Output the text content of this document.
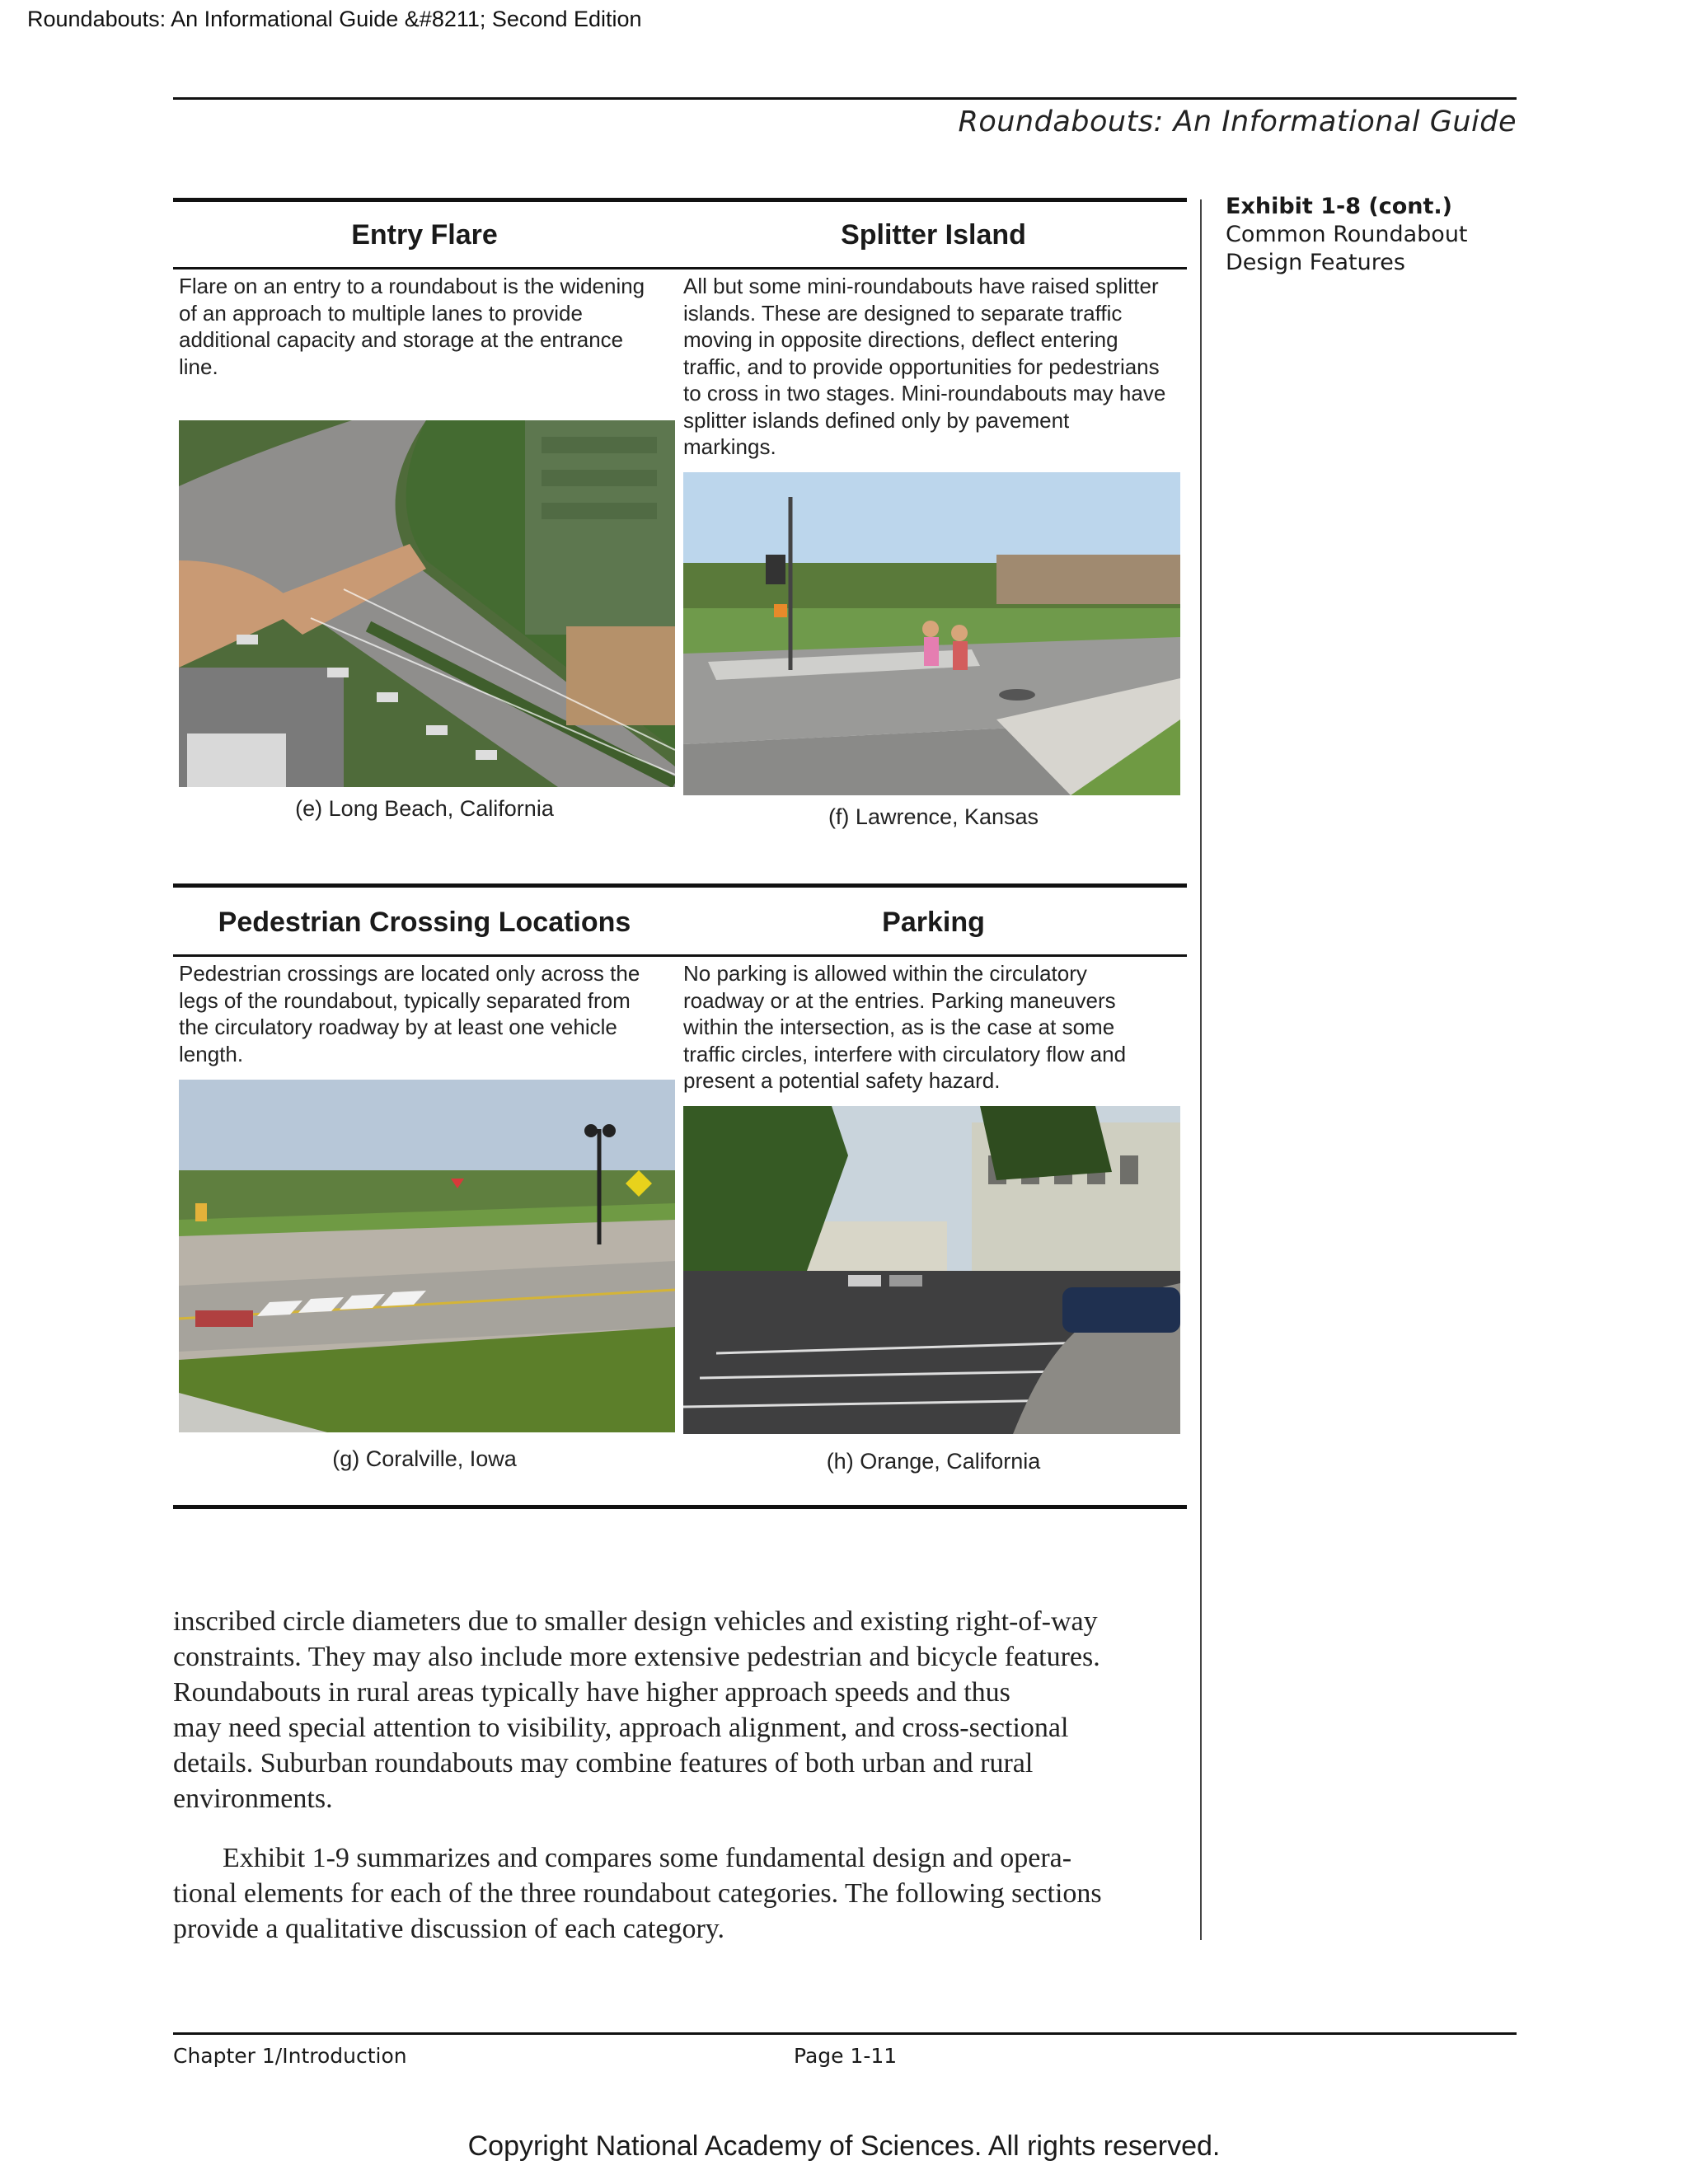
Roundabouts: An Informational Guide &#8211; Second Edition
Roundabouts: An Informational Guide
Exhibit 1-8 (cont.)
Common Roundabout
Design Features
Entry Flare	Splitter Island
Flare on an entry to a roundabout is the widening
of an approach to multiple lanes to provide
additional capacity and storage at the entrance
line.
All but some mini-roundabouts have raised splitter
islands. These are designed to separate traffic
moving in opposite directions, deflect entering
traffic, and to provide opportunities for pedestrians
to cross in two stages. Mini-roundabouts may have
splitter islands defined only by pavement
markings.
(e) Long Beach, California	(f) Lawrence, Kansas
Pedestrian Crossing Locations	Parking
Pedestrian crossings are located only across the
legs of the roundabout, typically separated from
the circulatory roadway by at least one vehicle
length.
No parking is allowed within the circulatory
roadway or at the entries. Parking maneuvers
within the intersection, as is the case at some
traffic circles, interfere with circulatory flow and
present a potential safety hazard.
(g) Coralville, Iowa	(h) Orange, California
inscribed circle diameters due to smaller design vehicles and existing right-of-way
constraints. They may also include more extensive pedestrian and bicycle features.
Roundabouts in rural areas typically have higher approach speeds and thus
may need special attention to visibility, approach alignment, and cross-sectional
details. Suburban roundabouts may combine features of both urban and rural
environments.
Exhibit 1-9 summarizes and compares some fundamental design and opera-
tional elements for each of the three roundabout categories. The following sections
provide a qualitative discussion of each category.
Chapter 1/Introduction	Page 1-11
Copyright National Academy of Sciences. All rights reserved.
